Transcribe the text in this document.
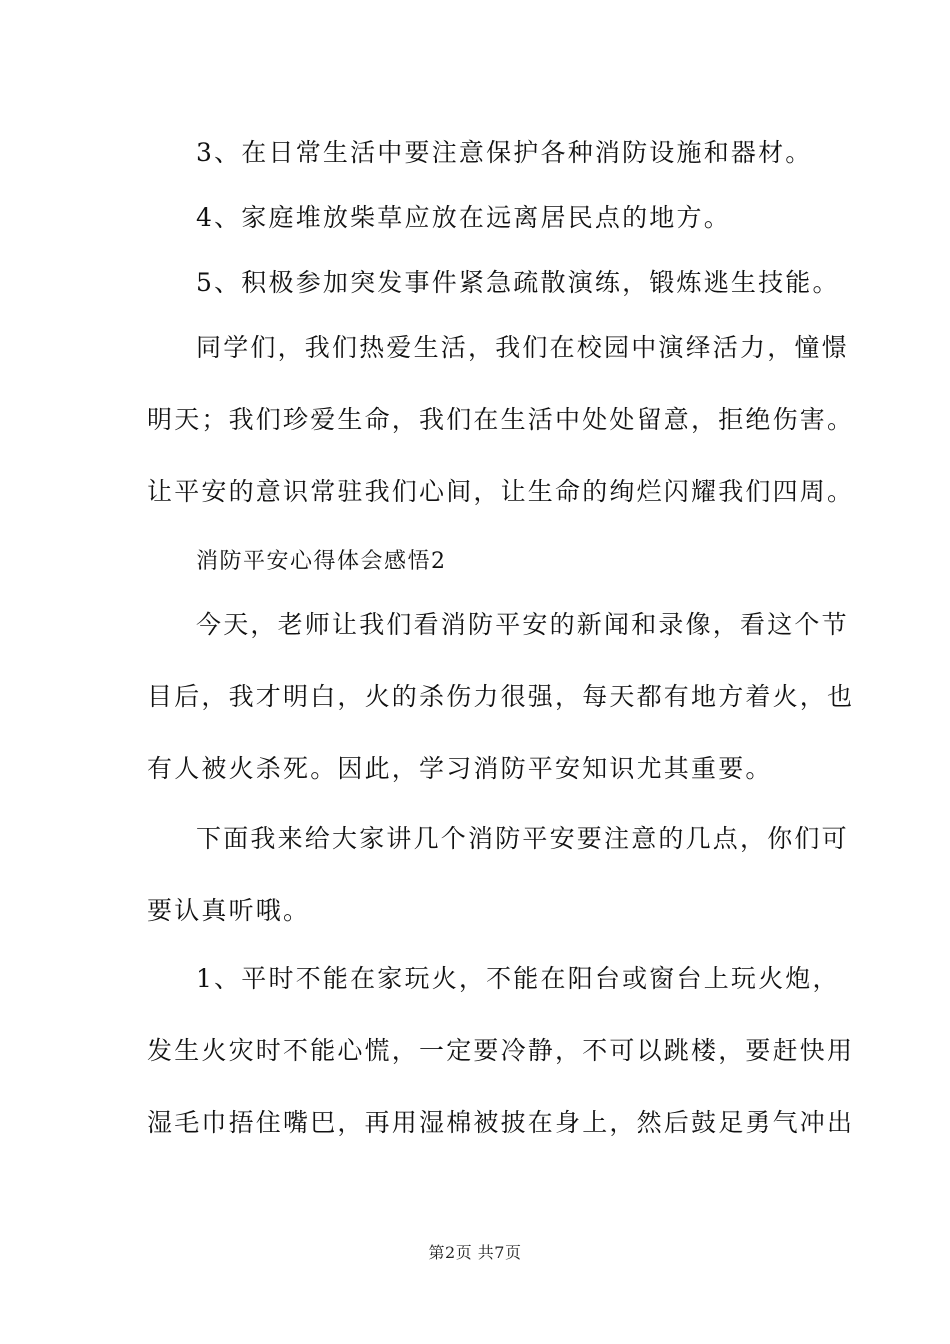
3、在日常生活中要注意保护各种消防设施和器材。
4、家庭堆放柴草应放在远离居民点的地方。
5、积极参加突发事件紧急疏散演练，锻炼逃生技能。
同学们，我们热爱生活，我们在校园中演绎活力，憧憬
明天；我们珍爱生命，我们在生活中处处留意，拒绝伤害。
让平安的意识常驻我们心间，让生命的绚烂闪耀我们四周。
消防平安心得体会感悟2
今天，老师让我们看消防平安的新闻和录像，看这个节
目后，我才明白，火的杀伤力很强，每天都有地方着火，也
有人被火杀死。因此，学习消防平安知识尤其重要。
下面我来给大家讲几个消防平安要注意的几点，你们可
要认真听哦。
1、平时不能在家玩火，不能在阳台或窗台上玩火炮，
发生火灾时不能心慌，一定要冷静，不可以跳楼，要赶快用
湿毛巾捂住嘴巴，再用湿棉被披在身上，然后鼓足勇气冲出
第2页 共7页
